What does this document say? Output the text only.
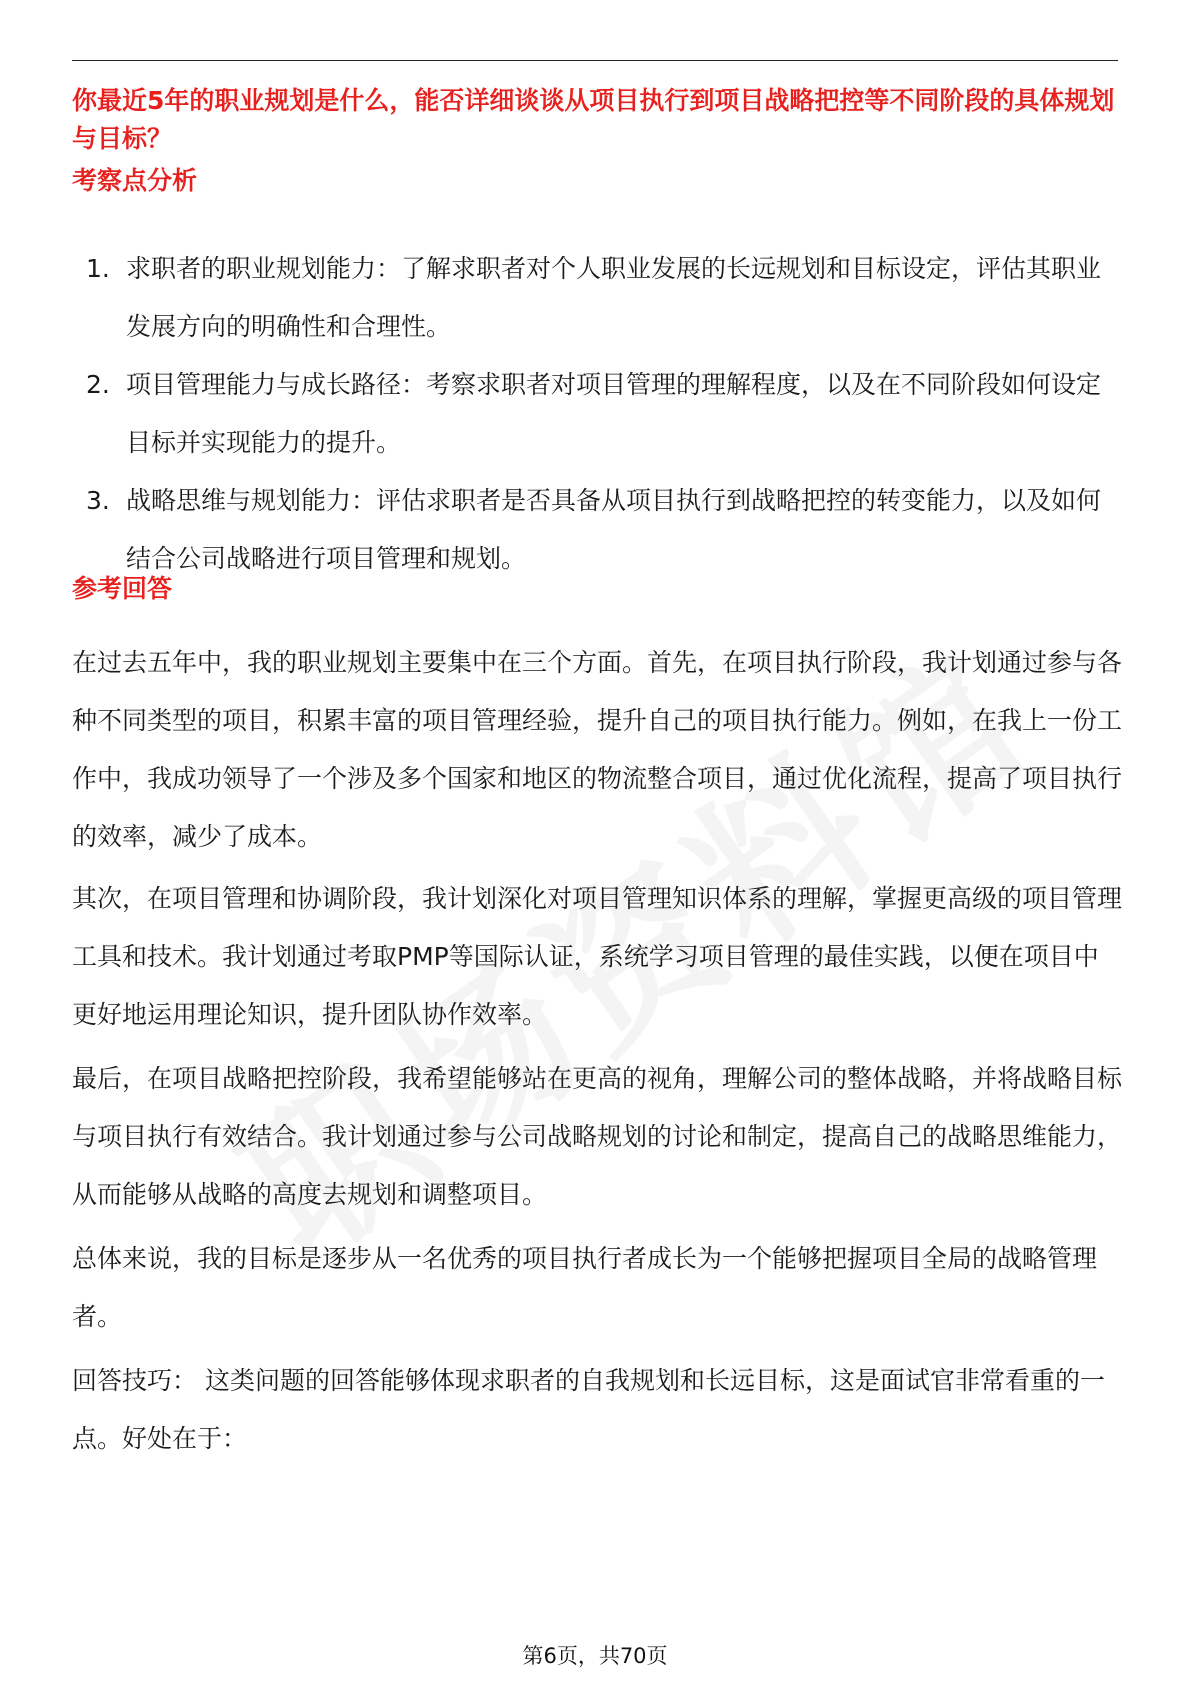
你最近5年的职业规划是什么，能否详细谈谈从项目执行到项目战略把控等不同阶段的具体规划与目标？
考察点分析
1. 求职者的职业规划能力：了解求职者对个人职业发展的长远规划和目标设定，评估其职业发展方向的明确性和合理性。
2. 项目管理能力与成长路径：考察求职者对项目管理的理解程度，以及在不同阶段如何设定目标并实现能力的提升。
3. 战略思维与规划能力：评估求职者是否具备从项目执行到战略把控的转变能力，以及如何结合公司战略进行项目管理和规划。
参考回答
在过去五年中，我的职业规划主要集中在三个方面。首先，在项目执行阶段，我计划通过参与各种不同类型的项目，积累丰富的项目管理经验，提升自己的项目执行能力。例如，在我上一份工作中，我成功领导了一个涉及多个国家和地区的物流整合项目，通过优化流程，提高了项目执行的效率，减少了成本。
其次，在项目管理和协调阶段，我计划深化对项目管理知识体系的理解，掌握更高级的项目管理工具和技术。我计划通过考取PMP等国际认证，系统学习项目管理的最佳实践，以便在项目中更好地运用理论知识，提升团队协作效率。
最后，在项目战略把控阶段，我希望能够站在更高的视角，理解公司的整体战略，并将战略目标与项目执行有效结合。我计划通过参与公司战略规划的讨论和制定，提高自己的战略思维能力，从而能够从战略的高度去规划和调整项目。
总体来说，我的目标是逐步从一名优秀的项目执行者成长为一个能够把握项目全局的战略管理者。
回答技巧： 这类问题的回答能够体现求职者的自我规划和长远目标，这是面试官非常看重的一点。好处在于：
第6页，共70页
